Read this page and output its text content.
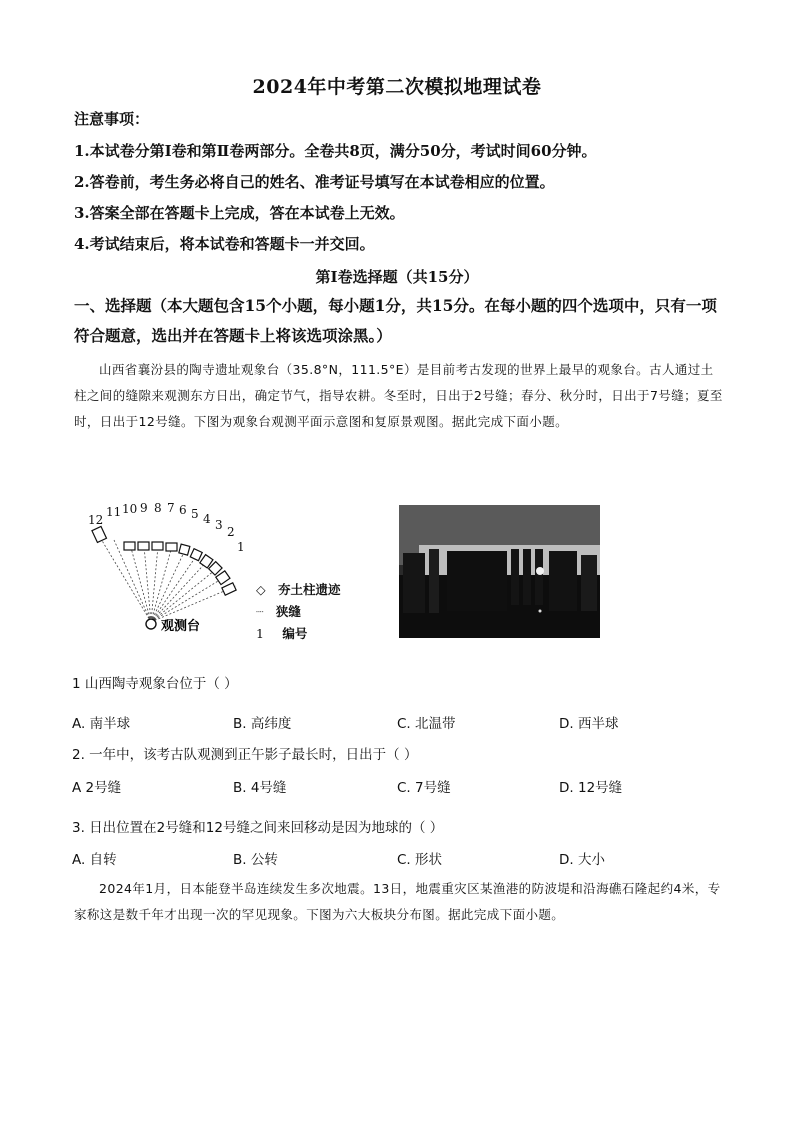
2024年中考第二次模拟地理试卷
注意事项：
1.本试卷分第Ⅰ卷和第Ⅱ卷两部分。全卷共8页，满分50分，考试时间60分钟。
2.答卷前，考生务必将自己的姓名、准考证号填写在本试卷相应的位置。
3.答案全部在答题卡上完成，答在本试卷上无效。
4.考试结束后，将本试卷和答题卡一并交回。
第Ⅰ卷选择题（共15分）
一、选择题（本大题包含15个小题，每小题1分，共15分。在每小题的四个选项中，只有一项符合题意，选出并在答题卡上将该选项涂黑。）
山西省襄汾县的陶寺遗址观象台（35.8°N，111.5°E）是目前考古发现的世界上最早的观象台。古人通过土柱之间的缝隙来观测东方日出，确定节气，指导农耕。冬至时，日出于2号缝；春分、秋分时，日出于7号缝；夏至时，日出于12号缝。下图为观象台观测平面示意图和复原景观图。据此完成下面小题。
观测台
12
11 10 9 8 7 6 5 4 3 2
1
◇ 夯土柱遗迹
┈ 狭缝
1 编号
1 山西陶寺观象台位于（ ）
A. 南半球	B. 高纬度	C. 北温带	D. 西半球
2. 一年中，该考古队观测到正午影子最长时，日出于（ ）
A 2号缝	B. 4号缝	C. 7号缝	D. 12号缝
3. 日出位置在2号缝和12号缝之间来回移动是因为地球的（ ）
A. 自转	B. 公转	C. 形状	D. 大小
2024年1月，日本能登半岛连续发生多次地震。13日，地震重灾区某渔港的防波堤和沿海礁石隆起约4米，专家称这是数千年才出现一次的罕见现象。下图为六大板块分布图。据此完成下面小题。
